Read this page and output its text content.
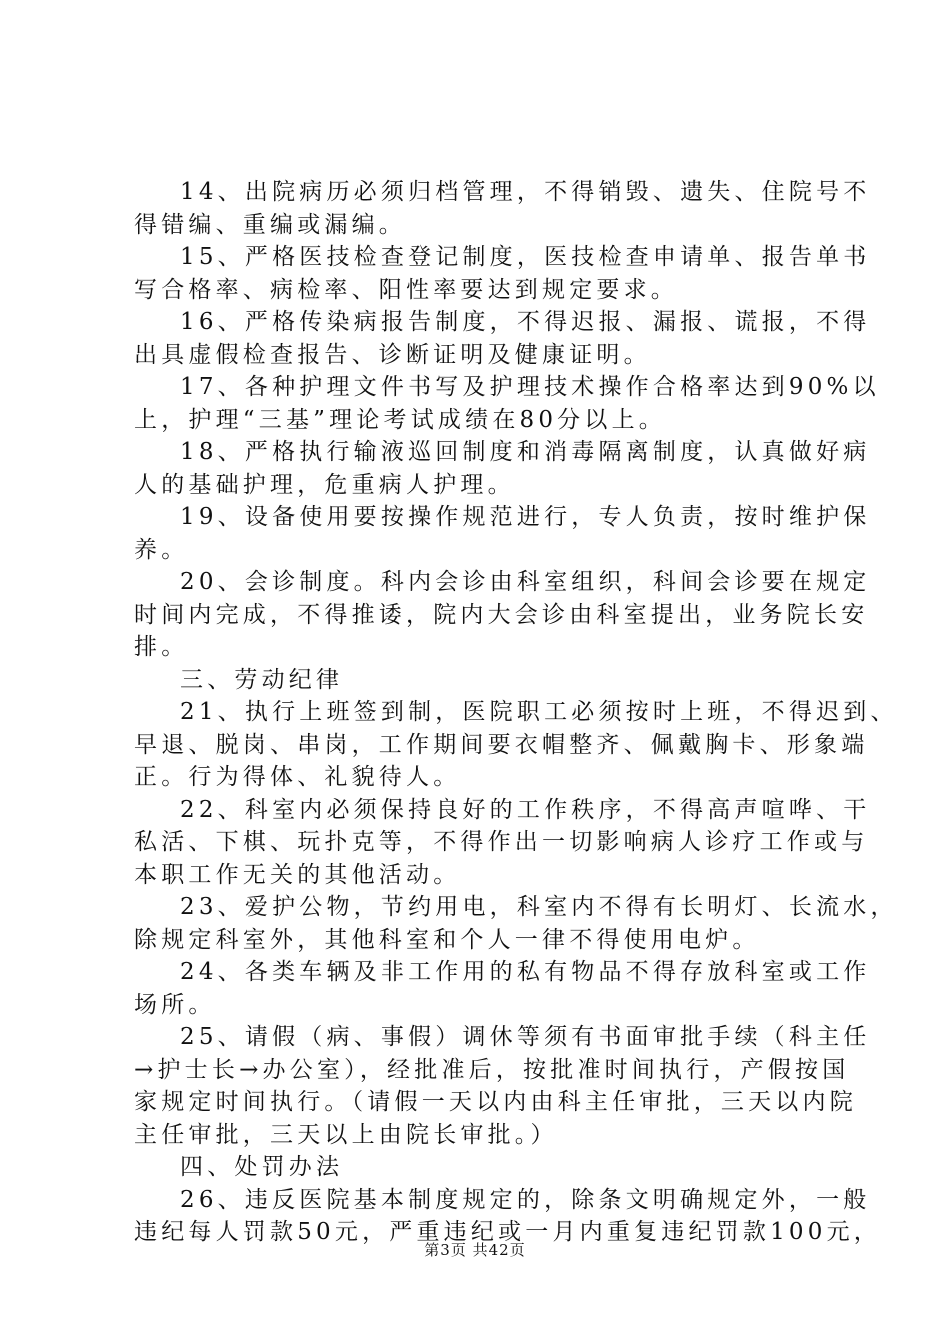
14、出院病历必须归档管理，不得销毁、遗失、住院号不
得错编、重编或漏编。
15、严格医技检查登记制度，医技检查申请单、报告单书
写合格率、病检率、阳性率要达到规定要求。
16、严格传染病报告制度，不得迟报、漏报、谎报，不得
出具虚假检查报告、诊断证明及健康证明。
17、各种护理文件书写及护理技术操作合格率达到90%以
上，护理“三基”理论考试成绩在80分以上。
18、严格执行输液巡回制度和消毒隔离制度，认真做好病
人的基础护理，危重病人护理。
19、设备使用要按操作规范进行，专人负责，按时维护保
养。
20、会诊制度。科内会诊由科室组织，科间会诊要在规定
时间内完成，不得推诿，院内大会诊由科室提出，业务院长安
排。
三、劳动纪律
21、执行上班签到制，医院职工必须按时上班，不得迟到、
早退、脱岗、串岗，工作期间要衣帽整齐、佩戴胸卡、形象端
正。行为得体、礼貌待人。
22、科室内必须保持良好的工作秩序，不得高声喧哗、干
私活、下棋、玩扑克等，不得作出一切影响病人诊疗工作或与
本职工作无关的其他活动。
23、爱护公物，节约用电，科室内不得有长明灯、长流水，
除规定科室外，其他科室和个人一律不得使用电炉。
24、各类车辆及非工作用的私有物品不得存放科室或工作
场所。
25、请假（病、事假）调休等须有书面审批手续（科主任
→护士长→办公室），经批准后，按批准时间执行，产假按国
家规定时间执行。（请假一天以内由科主任审批，三天以内院
主任审批，三天以上由院长审批。）
四、处罚办法
26、违反医院基本制度规定的，除条文明确规定外，一般
违纪每人罚款50元，严重违纪或一月内重复违纪罚款100元，
第3页 共42页
